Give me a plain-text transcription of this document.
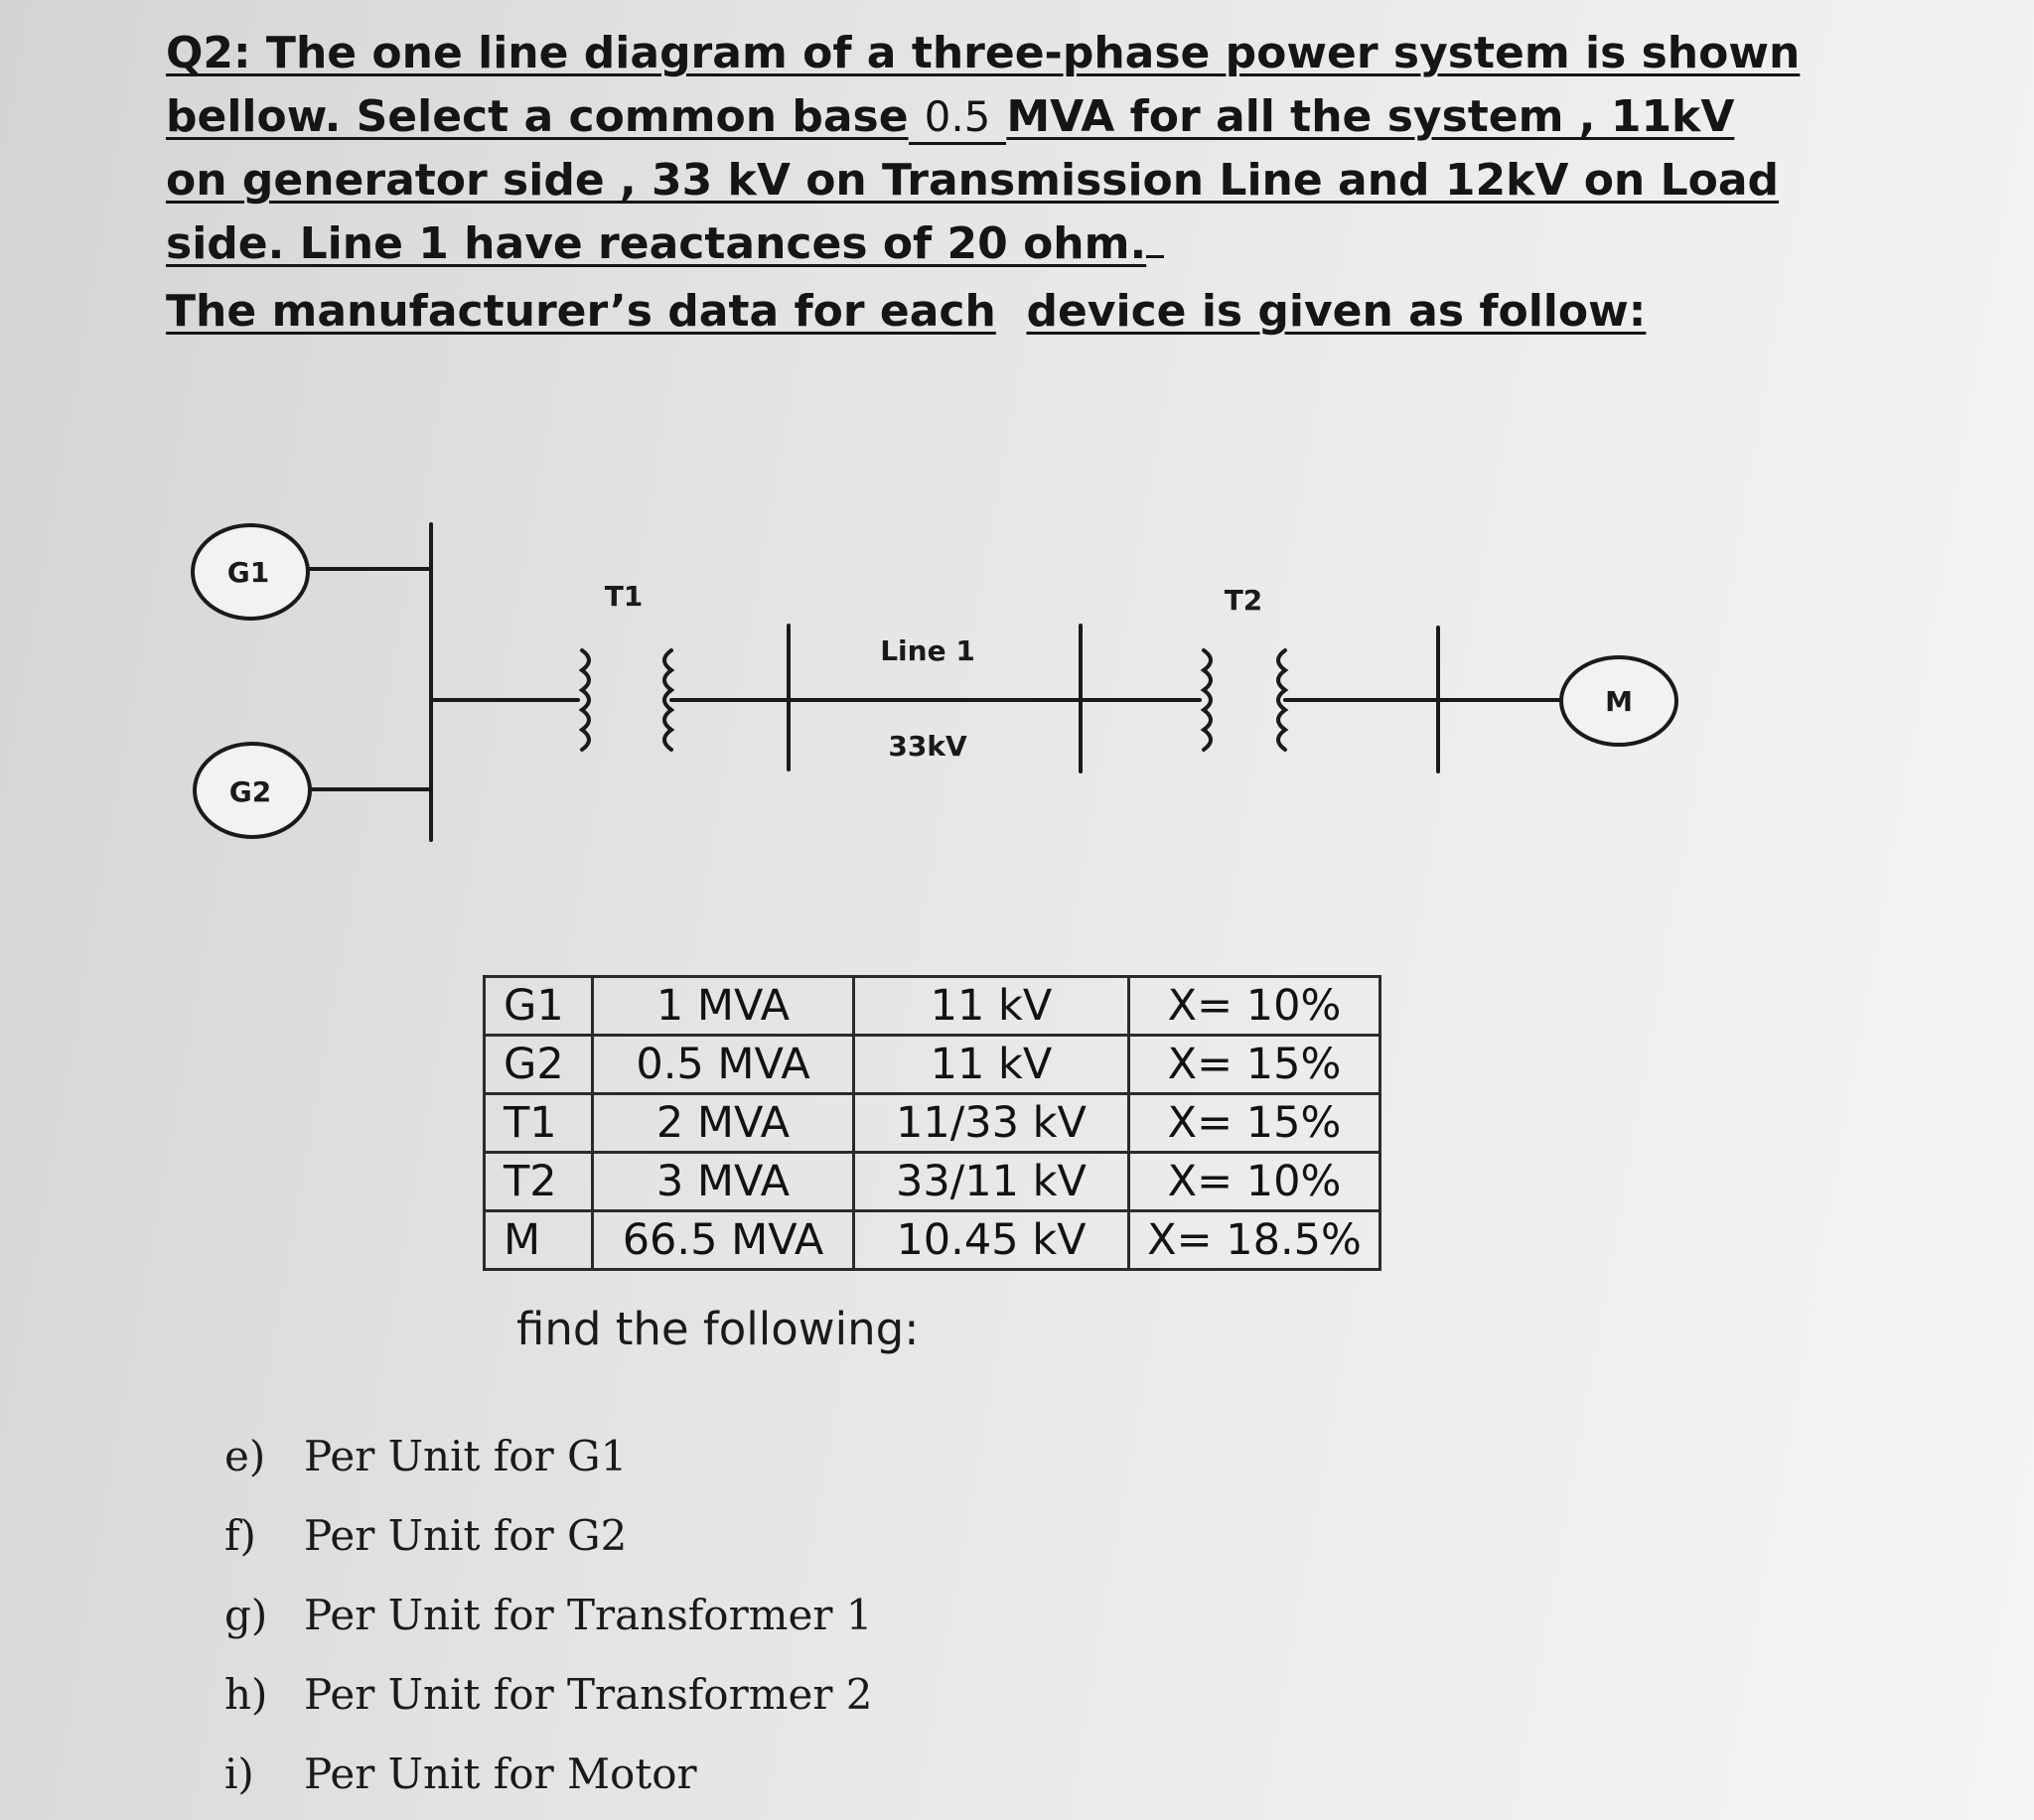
Q2: The one line diagram of a three-phase power system is shown
bellow. Select a common base 0.5 MVA for all the system , 11kV
on generator side , 33 kV on Transmission Line and 12kV on Load
side. Line 1 have reactances of 20 ohm.
The manufacturer’s data for each device is given as follow:
G1
G2
T1	T2
Line 1
33kV
M
G1	1 MVA	11 kV	X= 10%
G2	0.5 MVA	11 kV	X= 15%
T1	2 MVA	11/33 kV	X= 15%
T2	3 MVA	33/11 kV	X= 10%
M	66.5 MVA	10.45 kV	X= 18.5%
find the following:
e) Per Unit for G1
f) Per Unit for G2
g) Per Unit for Transformer 1
h) Per Unit for Transformer 2
i) Per Unit for Motor
